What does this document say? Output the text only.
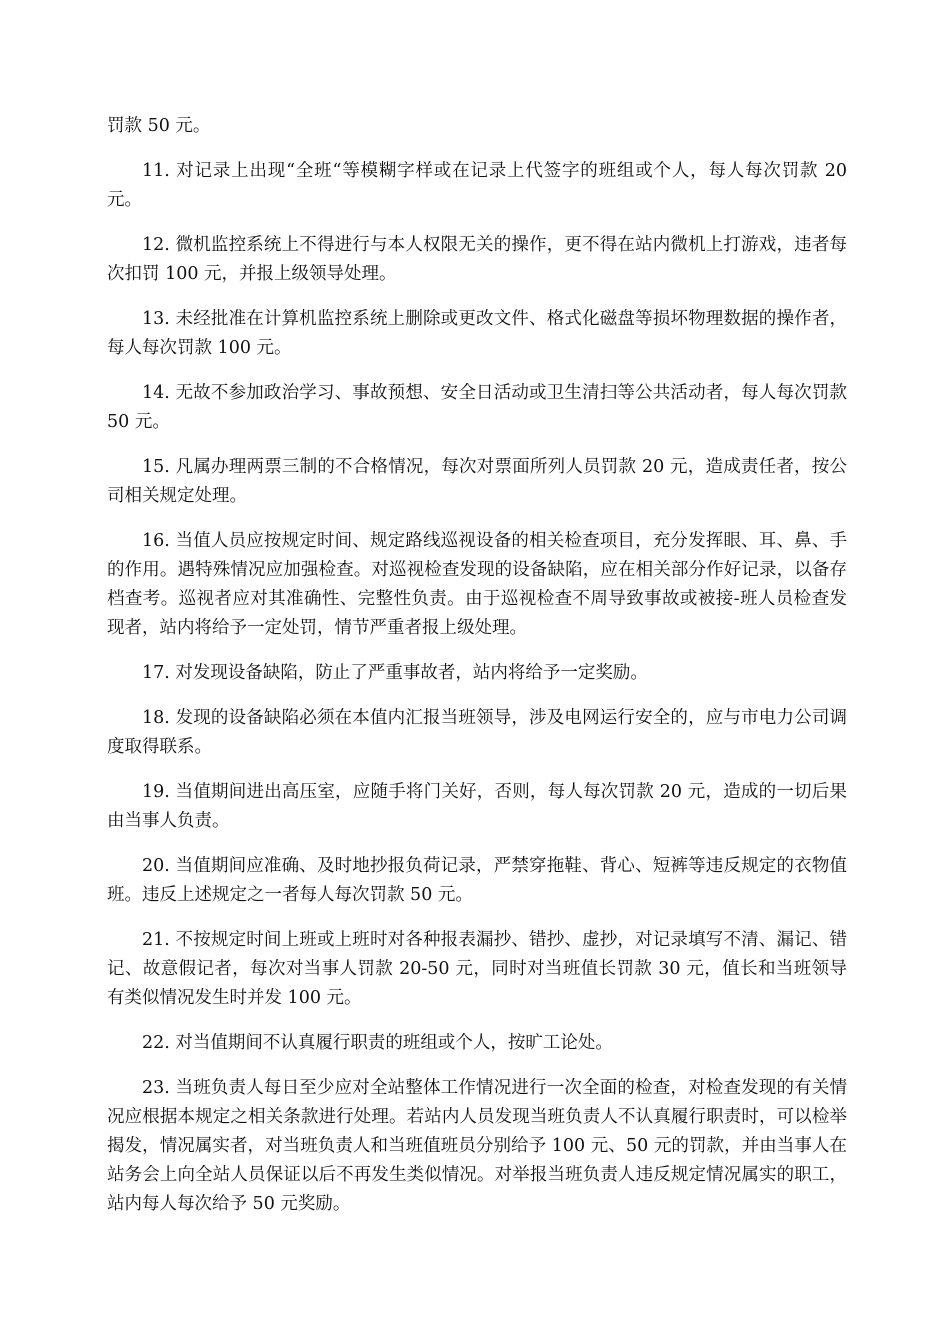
罚款 50 元。

11. 对记录上出现“全班“等模糊字样或在记录上代签字的班组或个人，每人每次罚款 20 元。

12. 微机监控系统上不得进行与本人权限无关的操作，更不得在站内微机上打游戏，违者每次扣罚 100 元，并报上级领导处理。

13. 未经批准在计算机监控系统上删除或更改文件、格式化磁盘等损坏物理数据的操作者，每人每次罚款 100 元。

14. 无故不参加政治学习、事故预想、安全日活动或卫生清扫等公共活动者，每人每次罚款 50 元。

15. 凡属办理两票三制的不合格情况，每次对票面所列人员罚款 20 元，造成责任者，按公司相关规定处理。

16. 当值人员应按规定时间、规定路线巡视设备的相关检查项目，充分发挥眼、耳、鼻、手的作用。遇特殊情况应加强检查。对巡视检查发现的设备缺陷，应在相关部分作好记录，以备存档查考。巡视者应对其准确性、完整性负责。由于巡视检查不周导致事故或被接-班人员检查发现者，站内将给予一定处罚，情节严重者报上级处理。

17. 对发现设备缺陷，防止了严重事故者，站内将给予一定奖励。

18. 发现的设备缺陷必须在本值内汇报当班领导，涉及电网运行安全的，应与市电力公司调度取得联系。

19. 当值期间进出高压室，应随手将门关好，否则，每人每次罚款 20 元，造成的一切后果由当事人负责。

20. 当值期间应准确、及时地抄报负荷记录，严禁穿拖鞋、背心、短裤等违反规定的衣物值班。违反上述规定之一者每人每次罚款 50 元。

21. 不按规定时间上班或上班时对各种报表漏抄、错抄、虚抄，对记录填写不清、漏记、错记、故意假记者，每次对当事人罚款 20-50 元，同时对当班值长罚款 30 元，值长和当班领导有类似情况发生时并发 100 元。

22. 对当值期间不认真履行职责的班组或个人，按旷工论处。

23. 当班负责人每日至少应对全站整体工作情况进行一次全面的检查，对检查发现的有关情况应根据本规定之相关条款进行处理。若站内人员发现当班负责人不认真履行职责时，可以检举揭发，情况属实者，对当班负责人和当班值班员分别给予 100 元、50 元的罚款，并由当事人在站务会上向全站人员保证以后不再发生类似情况。对举报当班负责人违反规定情况属实的职工，站内每人每次给予 50 元奖励。
